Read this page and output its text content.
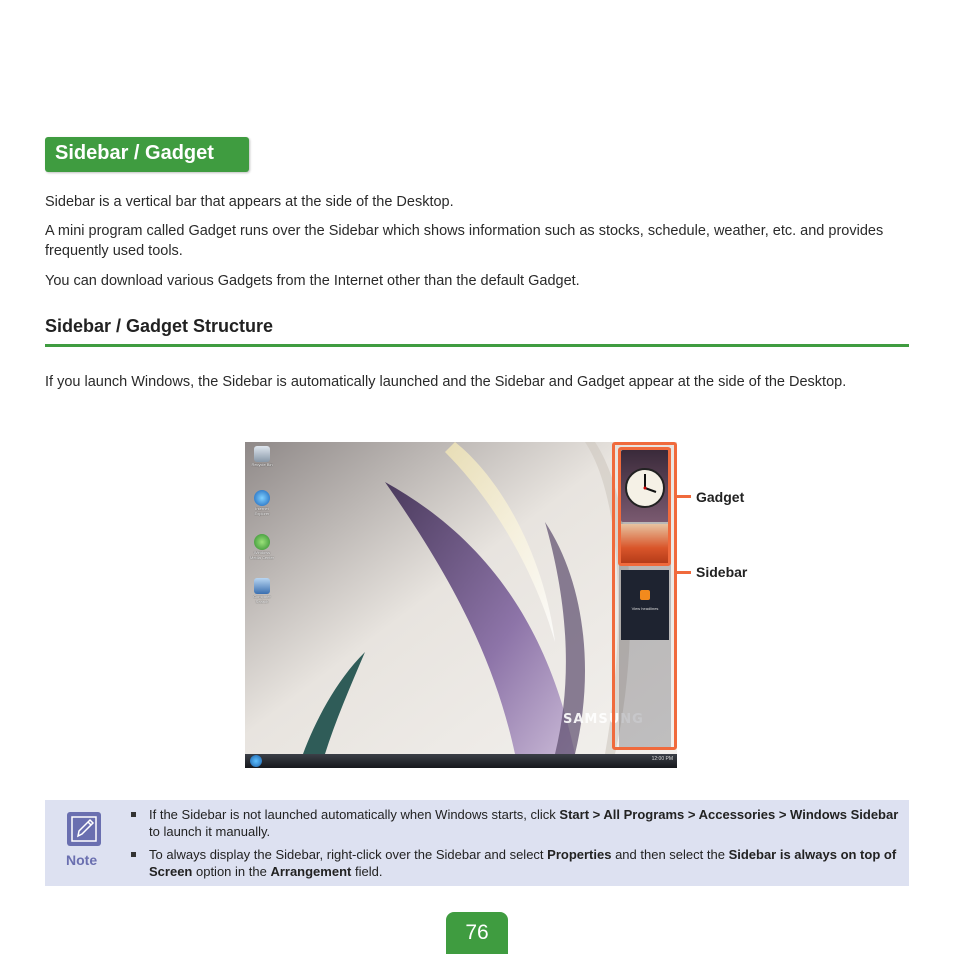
Sidebar / Gadget
Sidebar is a vertical bar that appears at the side of the Desktop.
A mini program called Gadget runs over the Sidebar which shows information such as stocks, schedule, weather, etc. and provides frequently used tools.
You can download various Gadgets from the Internet other than the default Gadget.
Sidebar / Gadget Structure
If you launch Windows, the Sidebar is automatically launched and the Sidebar and Gadget appear at the side of the Desktop.
Recycle Bin
Internet Explorer
Windows Media Center
Computer Search
SAMSUNG
View headlines
12:00 PM
Gadget
Sidebar
Note
If the Sidebar is not launched automatically when Windows starts, click Start > All Programs > Accessories > Windows Sidebar to launch it manually.
To always display the Sidebar, right-click over the Sidebar and select Properties and then select the Sidebar is always on top of Screen option in the Arrangement field.
76
